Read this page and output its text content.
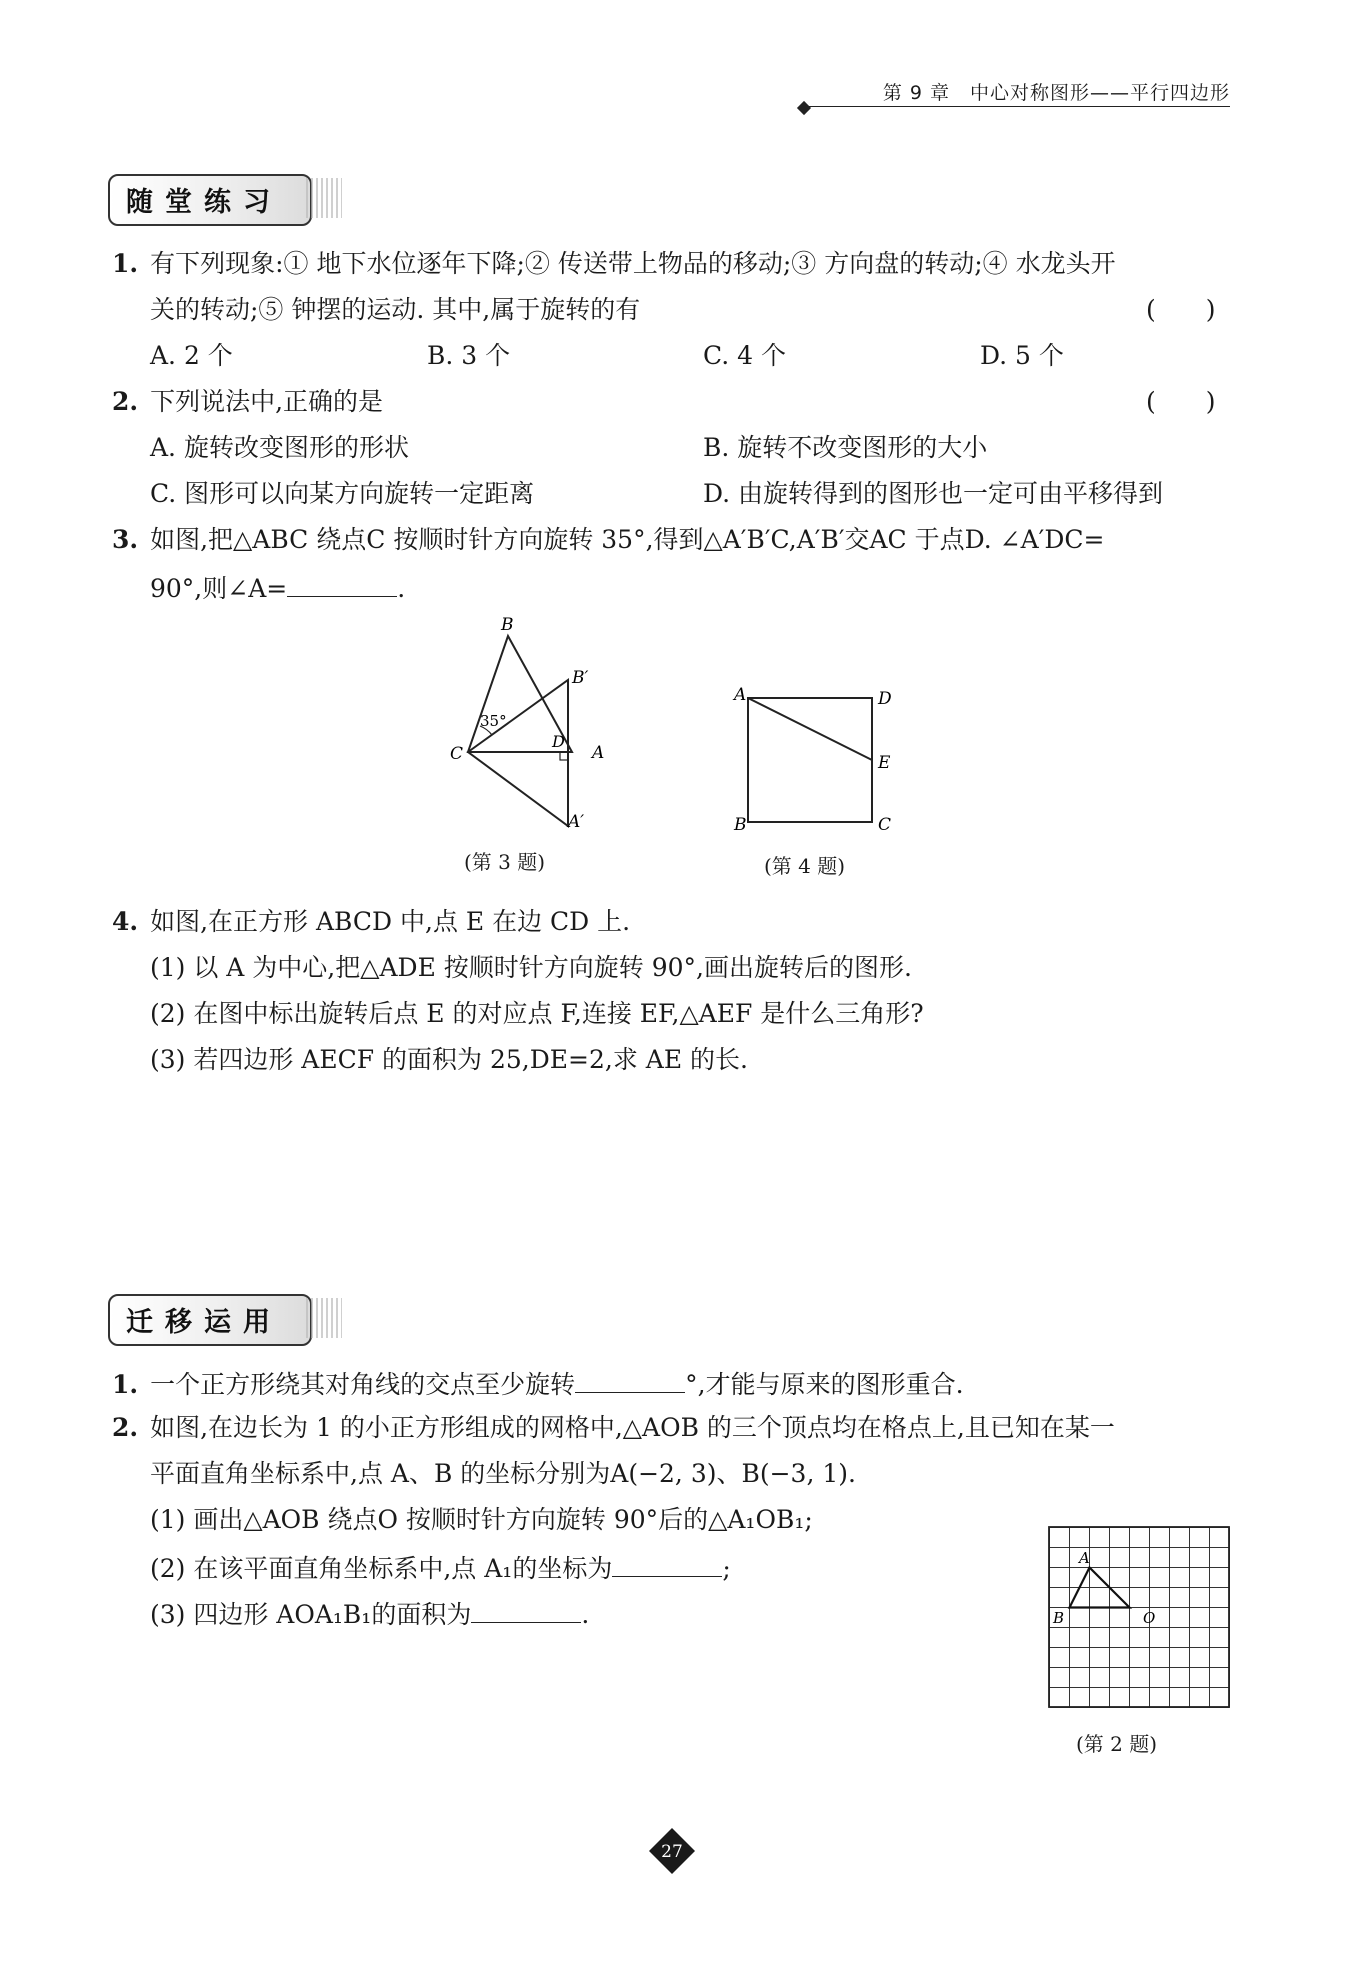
第 9 章　中心对称图形——平行四边形
随堂练习
1. 有下列现象:① 地下水位逐年下降;② 传送带上物品的移动;③ 方向盘的转动;④ 水龙头开
关的转动;⑤ 钟摆的运动. 其中,属于旋转的有	(　　)
A. 2 个	B. 3 个	C. 4 个	D. 5 个
2. 下列说法中,正确的是	(　　)
A. 旋转改变图形的形状	B. 旋转不改变图形的大小
C. 图形可以向某方向旋转一定距离	D. 由旋转得到的图形也一定可由平移得到
3. 如图,把△ABC 绕点C 按顺时针方向旋转 35°,得到△A′B′C,A′B′交AC 于点D. ∠A′DC=
90°,则∠A=	.
B
B′
C
D
A
A′
35°
(第 3 题)
A	D
E
B	C
(第 4 题)
4. 如图,在正方形 ABCD 中,点 E 在边 CD 上.
(1) 以 A 为中心,把△ADE 按顺时针方向旋转 90°,画出旋转后的图形.
(2) 在图中标出旋转后点 E 的对应点 F,连接 EF,△AEF 是什么三角形?
(3) 若四边形 AECF 的面积为 25,DE=2,求 AE 的长.
迁移运用
1. 一个正方形绕其对角线的交点至少旋转	°,才能与原来的图形重合.
2. 如图,在边长为 1 的小正方形组成的网格中,△AOB 的三个顶点均在格点上,且已知在某一
平面直角坐标系中,点 A、B 的坐标分别为A(−2, 3)、B(−3, 1).
(1) 画出△AOB 绕点O 按顺时针方向旋转 90°后的△A₁OB₁;
(2) 在该平面直角坐标系中,点 A₁的坐标为	;
(3) 四边形 AOA₁B₁的面积为	.
A
B	O
(第 2 题)
27
